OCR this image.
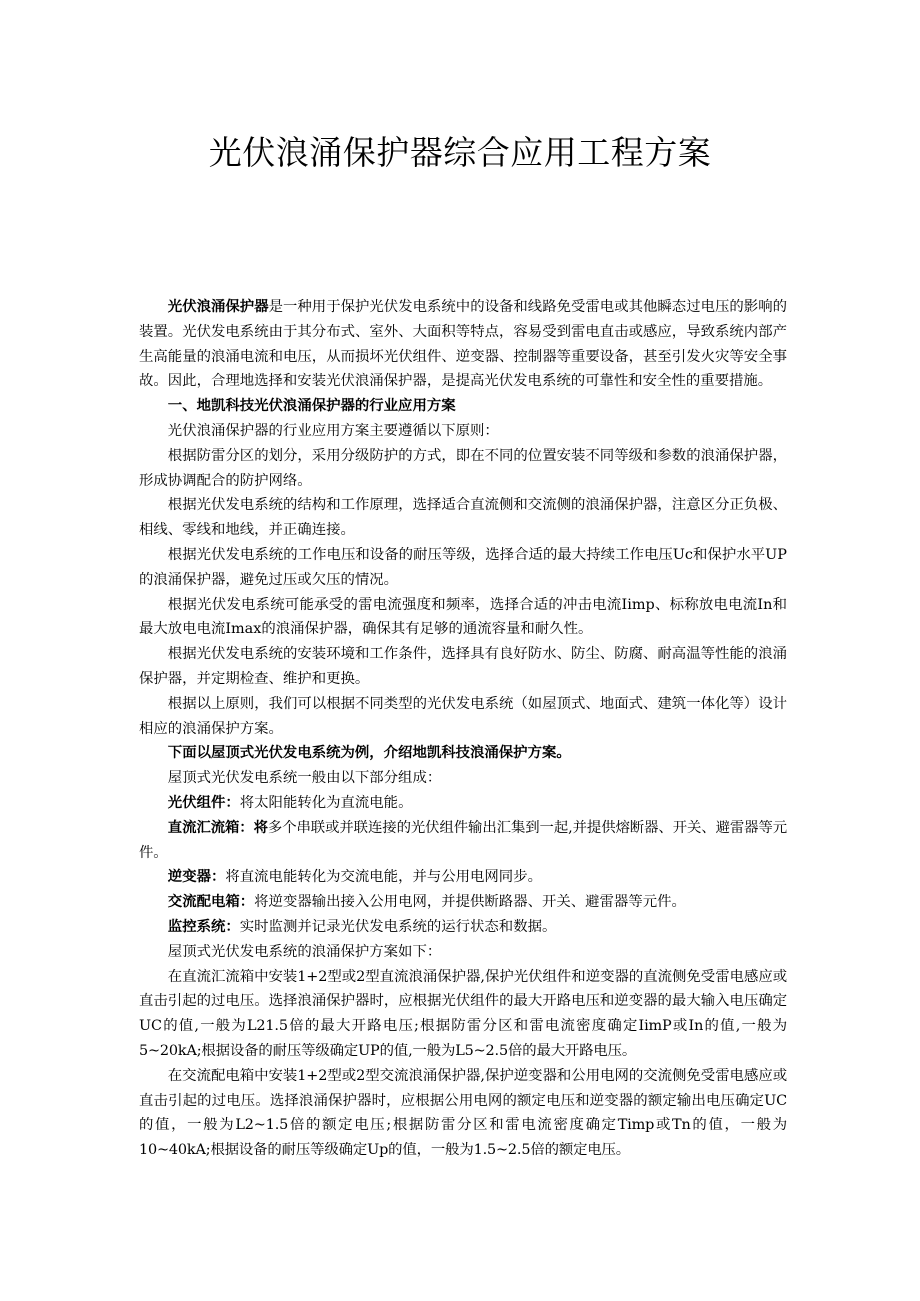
光伏浪涌保护器综合应用工程方案

光伏浪涌保护器是一种用于保护光伏发电系统中的设备和线路免受雷电或其他瞬态过电压的影响的装置。光伏发电系统由于其分布式、室外、大面积等特点，容易受到雷电直击或感应，导致系统内部产生高能量的浪涌电流和电压，从而损坏光伏组件、逆变器、控制器等重要设备，甚至引发火灾等安全事故。因此，合理地选择和安装光伏浪涌保护器，是提高光伏发电系统的可靠性和安全性的重要措施。

一、地凯科技光伏浪涌保护器的行业应用方案

光伏浪涌保护器的行业应用方案主要遵循以下原则：

根据防雷分区的划分，采用分级防护的方式，即在不同的位置安装不同等级和参数的浪涌保护器，形成协调配合的防护网络。

根据光伏发电系统的结构和工作原理，选择适合直流侧和交流侧的浪涌保护器，注意区分正负极、相线、零线和地线，并正确连接。

根据光伏发电系统的工作电压和设备的耐压等级，选择合适的最大持续工作电压Uc和保护水平UP的浪涌保护器，避免过压或欠压的情况。

根据光伏发电系统可能承受的雷电流强度和频率，选择合适的冲击电流Iimp、标称放电电流In和最大放电电流Imax的浪涌保护器，确保其有足够的通流容量和耐久性。

根据光伏发电系统的安装环境和工作条件，选择具有良好防水、防尘、防腐、耐高温等性能的浪涌保护器，并定期检查、维护和更换。

根据以上原则，我们可以根据不同类型的光伏发电系统（如屋顶式、地面式、建筑一体化等）设计相应的浪涌保护方案。

下面以屋顶式光伏发电系统为例，介绍地凯科技浪涌保护方案。

屋顶式光伏发电系统一般由以下部分组成：

光伏组件：将太阳能转化为直流电能。

直流汇流箱：将多个串联或并联连接的光伏组件输出汇集到一起,并提供熔断器、开关、避雷器等元件。

逆变器：将直流电能转化为交流电能，并与公用电网同步。

交流配电箱：将逆变器输出接入公用电网，并提供断路器、开关、避雷器等元件。

监控系统：实时监测并记录光伏发电系统的运行状态和数据。

屋顶式光伏发电系统的浪涌保护方案如下：

在直流汇流箱中安装1+2型或2型直流浪涌保护器,保护光伏组件和逆变器的直流侧免受雷电感应或直击引起的过电压。选择浪涌保护器时，应根据光伏组件的最大开路电压和逆变器的最大输入电压确定UC的值,一般为L21.5倍的最大开路电压;根据防雷分区和雷电流密度确定IimP或In的值,一般为5~20kA;根据设备的耐压等级确定UP的值,一般为L5~2.5倍的最大开路电压。

在交流配电箱中安装1+2型或2型交流浪涌保护器,保护逆变器和公用电网的交流侧免受雷电感应或直击引起的过电压。选择浪涌保护器时，应根据公用电网的额定电压和逆变器的额定输出电压确定UC的值，一般为L2~1.5倍的额定电压;根据防雷分区和雷电流密度确定Timp或Tn的值，一般为10~40kA;根据设备的耐压等级确定Up的值，一般为1.5~2.5倍的额定电压。
